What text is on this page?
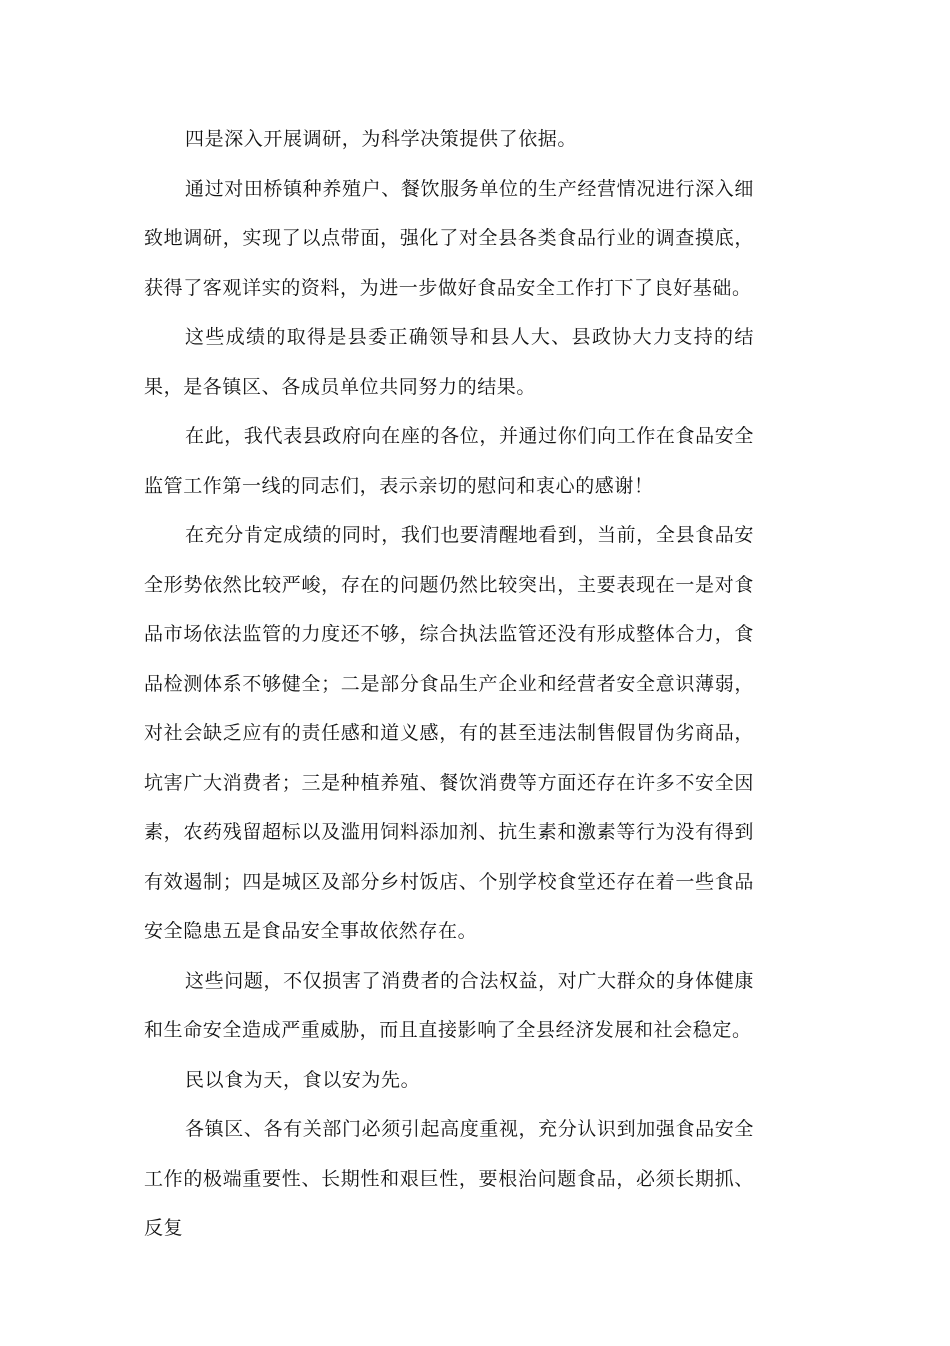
四是深入开展调研，为科学决策提供了依据。

通过对田桥镇种养殖户、餐饮服务单位的生产经营情况进行深入细致地调研，实现了以点带面，强化了对全县各类食品行业的调查摸底，获得了客观详实的资料，为进一步做好食品安全工作打下了良好基础。

这些成绩的取得是县委正确领导和县人大、县政协大力支持的结果，是各镇区、各成员单位共同努力的结果。

在此，我代表县政府向在座的各位，并通过你们向工作在食品安全监管工作第一线的同志们，表示亲切的慰问和衷心的感谢！

在充分肯定成绩的同时，我们也要清醒地看到，当前，全县食品安全形势依然比较严峻，存在的问题仍然比较突出，主要表现在一是对食品市场依法监管的力度还不够，综合执法监管还没有形成整体合力，食品检测体系不够健全；二是部分食品生产企业和经营者安全意识薄弱，对社会缺乏应有的责任感和道义感，有的甚至违法制售假冒伪劣商品，坑害广大消费者；三是种植养殖、餐饮消费等方面还存在许多不安全因素，农药残留超标以及滥用饲料添加剂、抗生素和激素等行为没有得到有效遏制；四是城区及部分乡村饭店、个别学校食堂还存在着一些食品安全隐患五是食品安全事故依然存在。

这些问题，不仅损害了消费者的合法权益，对广大群众的身体健康和生命安全造成严重威胁，而且直接影响了全县经济发展和社会稳定。

民以食为天，食以安为先。

各镇区、各有关部门必须引起高度重视，充分认识到加强食品安全工作的极端重要性、长期性和艰巨性，要根治问题食品，必须长期抓、反复
